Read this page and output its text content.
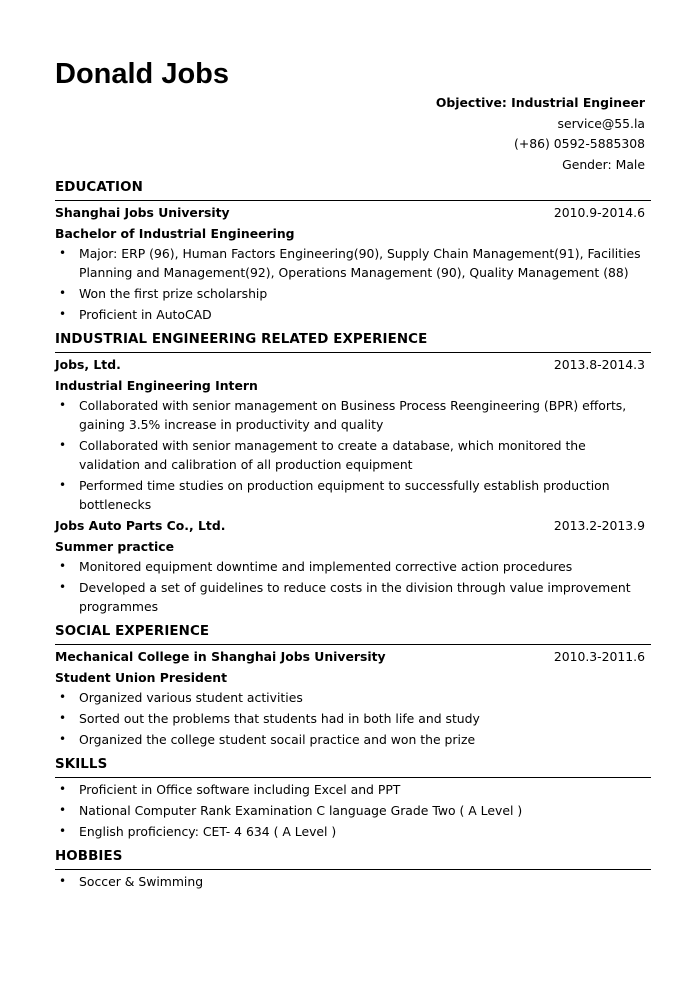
Donald Jobs
Objective: Industrial Engineer
service@55.la
(+86) 0592-5885308
Gender: Male
EDUCATION
Shanghai Jobs University	2010.9-2014.6
Bachelor of Industrial Engineering
• Major: ERP (96), Human Factors Engineering(90), Supply Chain Management(91), Facilities Planning and Management(92), Operations Management (90), Quality Management (88)
• Won the first prize scholarship
• Proficient in AutoCAD
INDUSTRIAL ENGINEERING RELATED EXPERIENCE
Jobs, Ltd.	2013.8-2014.3
Industrial Engineering Intern
• Collaborated with senior management on Business Process Reengineering (BPR) efforts, gaining 3.5% increase in productivity and quality
• Collaborated with senior management to create a database, which monitored the validation and calibration of all production equipment
• Performed time studies on production equipment to successfully establish production bottlenecks
Jobs Auto Parts Co., Ltd.	2013.2-2013.9
Summer practice
• Monitored equipment downtime and implemented corrective action procedures
• Developed a set of guidelines to reduce costs in the division through value improvement programmes
SOCIAL EXPERIENCE
Mechanical College in Shanghai Jobs University	2010.3-2011.6
Student Union President
• Organized various student activities
• Sorted out the problems that students had in both life and study
• Organized the college student socail practice and won the prize
SKILLS
• Proficient in Office software including Excel and PPT
• National Computer Rank Examination C language Grade Two ( A Level )
• English proficiency: CET- 4 634 ( A Level )
HOBBIES
• Soccer & Swimming
